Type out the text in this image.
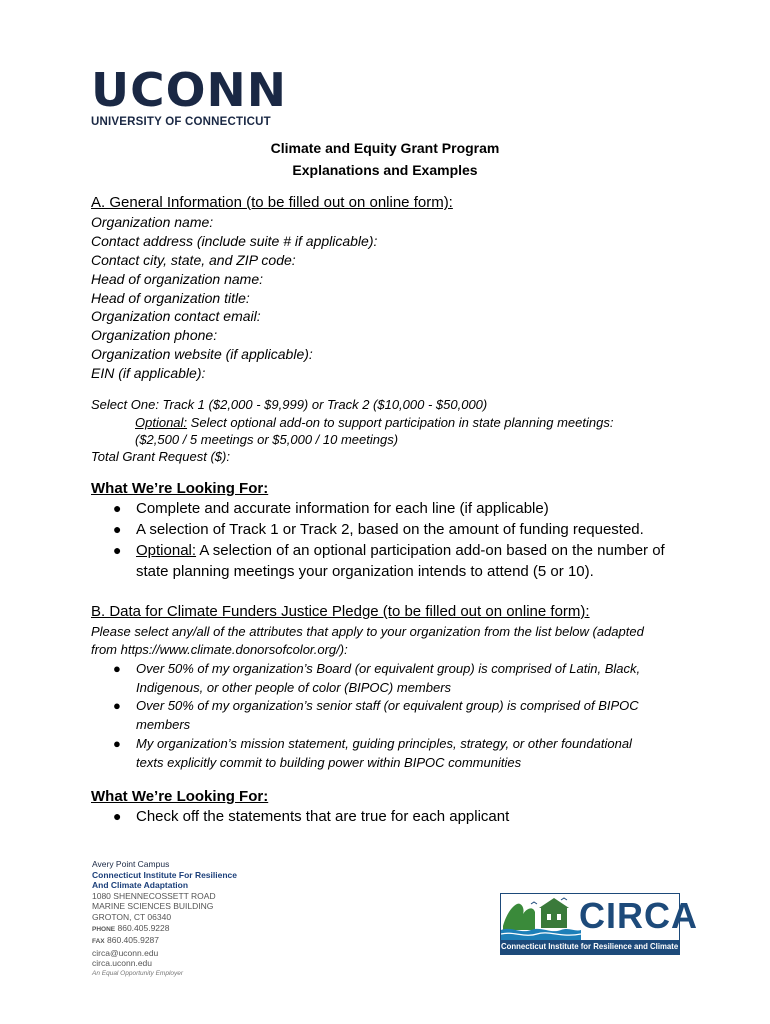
UCONN
UNIVERSITY OF CONNECTICUT
Climate and Equity Grant Program
Explanations and Examples
A. General Information (to be filled out on online form):
Organization name:
Contact address (include suite # if applicable):
Contact city, state, and ZIP code:
Head of organization name:
Head of organization title:
Organization contact email:
Organization phone:
Organization website (if applicable):
EIN (if applicable):
Select One: Track 1 ($2,000 - $9,999) or Track 2 ($10,000 - $50,000)
Optional: Select optional add-on to support participation in state planning meetings:
($2,500 / 5 meetings or $5,000 / 10 meetings)
Total Grant Request ($):
What We’re Looking For:
● Complete and accurate information for each line (if applicable)
● A selection of Track 1 or Track 2, based on the amount of funding requested.
● Optional: A selection of an optional participation add-on based on the number of
state planning meetings your organization intends to attend (5 or 10).
B. Data for Climate Funders Justice Pledge (to be filled out on online form):
Please select any/all of the attributes that apply to your organization from the list below (adapted
from https://www.climate.donorsofcolor.org/):
● Over 50% of my organization’s Board (or equivalent group) is comprised of Latin, Black,
Indigenous, or other people of color (BIPOC) members
● Over 50% of my organization’s senior staff (or equivalent group) is comprised of BIPOC
members
● My organization’s mission statement, guiding principles, strategy, or other foundational
texts explicitly commit to building power within BIPOC communities
What We’re Looking For:
● Check off the statements that are true for each applicant
Avery Point Campus
Connecticut Institute For Resilience
And Climate Adaptation
1080 SHENNECOSSETT ROAD
MARINE SCIENCES BUILDING
GROTON, CT 06340
PHONE 860.405.9228
FAX 860.405.9287
circa@uconn.edu
circa.uconn.edu
An Equal Opportunity Employer
CIRCA
Connecticut Institute for Resilience and Climate Adaptation
